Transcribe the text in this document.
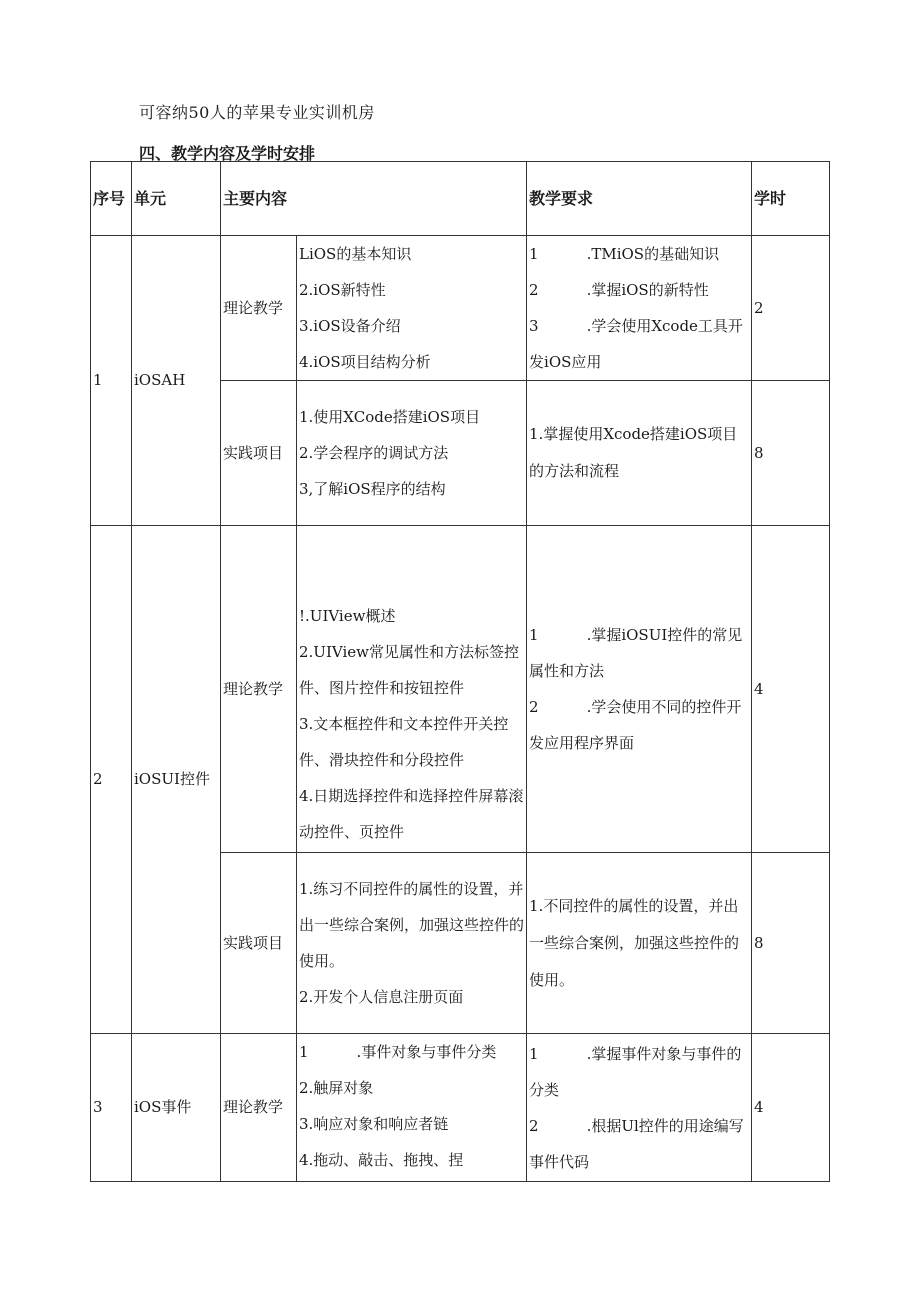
可容纳50人的苹果专业实训机房
四、教学内容及学时安排
序号	单元	主要内容		教学要求	学时
1	iOSAH	理论教学	LiOS的基本知识
2.iOS新特性
3.iOS设备介绍
4.iOS项目结构分析	1 .TMiOS的基础知识
2 .掌握iOS的新特性
3 .学会使用Xcode工具开发iOS应用	2
		实践项目	1.使用XCode搭建iOS项目
2.学会程序的调试方法
3,了解iOS程序的结构	1.掌握使用Xcode搭建iOS项目的方法和流程	8
2	iOSUI控件	理论教学	!.UIView概述
2.UIView常见属性和方法标签控件、图片控件和按钮控件
3.文本框控件和文本控件开关控件、滑块控件和分段控件
4.日期选择控件和选择控件屏幕滚动控件、页控件	1 .掌握iOSUI控件的常见属性和方法
2 .学会使用不同的控件开发应用程序界面	4
		实践项目	1.练习不同控件的属性的设置，并出一些综合案例，加强这些控件的使用。
2.开发个人信息注册页面	1.不同控件的属性的设置，并出一些综合案例，加强这些控件的使用。	8
3	iOS事件	理论教学	1 .事件对象与事件分类
2.触屏对象
3.响应对象和响应者链
4.拖动、敲击、拖拽、捏	1 .掌握事件对象与事件的分类
2 .根据Ul控件的用途编写事件代码	4
